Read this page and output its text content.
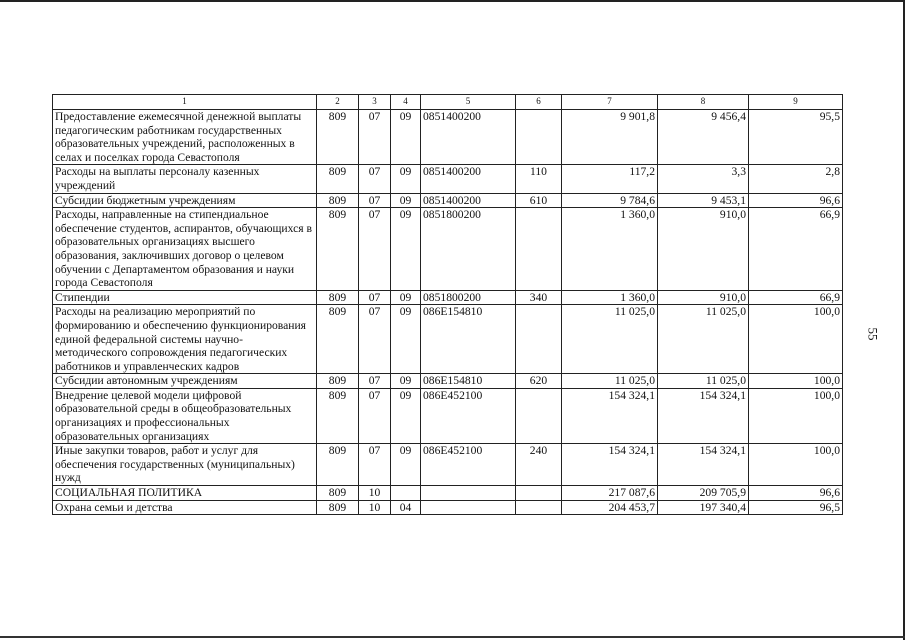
55
1	2	3	4	5	6	7	8	9
Предоставление ежемесячной денежной выплаты педагогическим работникам государственных образовательных учреждений, расположенных в селах и поселках города Севастополя	809	07	09	0851400200		9 901,8	9 456,4	95,5
Расходы на выплаты персоналу казенных учреждений	809	07	09	0851400200	110	117,2	3,3	2,8
Субсидии бюджетным учреждениям	809	07	09	0851400200	610	9 784,6	9 453,1	96,6
Расходы, направленные на стипендиальное обеспечение студентов, аспирантов, обучающихся в образовательных организациях высшего образования, заключивших договор о целевом обучении с Департаментом образования и науки города Севастополя	809	07	09	0851800200		1 360,0	910,0	66,9
Стипендии	809	07	09	0851800200	340	1 360,0	910,0	66,9
Расходы на реализацию мероприятий по формированию и обеспечению функционирования единой федеральной системы научно-методического сопровождения педагогических работников и управленческих кадров	809	07	09	086E154810		11 025,0	11 025,0	100,0
Субсидии автономным учреждениям	809	07	09	086E154810	620	11 025,0	11 025,0	100,0
Внедрение целевой модели цифровой образовательной среды в общеобразовательных организациях и профессиональных образовательных организациях	809	07	09	086E452100		154 324,1	154 324,1	100,0
Иные закупки товаров, работ и услуг для обеспечения государственных (муниципальных) нужд	809	07	09	086E452100	240	154 324,1	154 324,1	100,0
СОЦИАЛЬНАЯ ПОЛИТИКА	809	10				217 087,6	209 705,9	96,6
Охрана семьи и детства	809	10	04			204 453,7	197 340,4	96,5
